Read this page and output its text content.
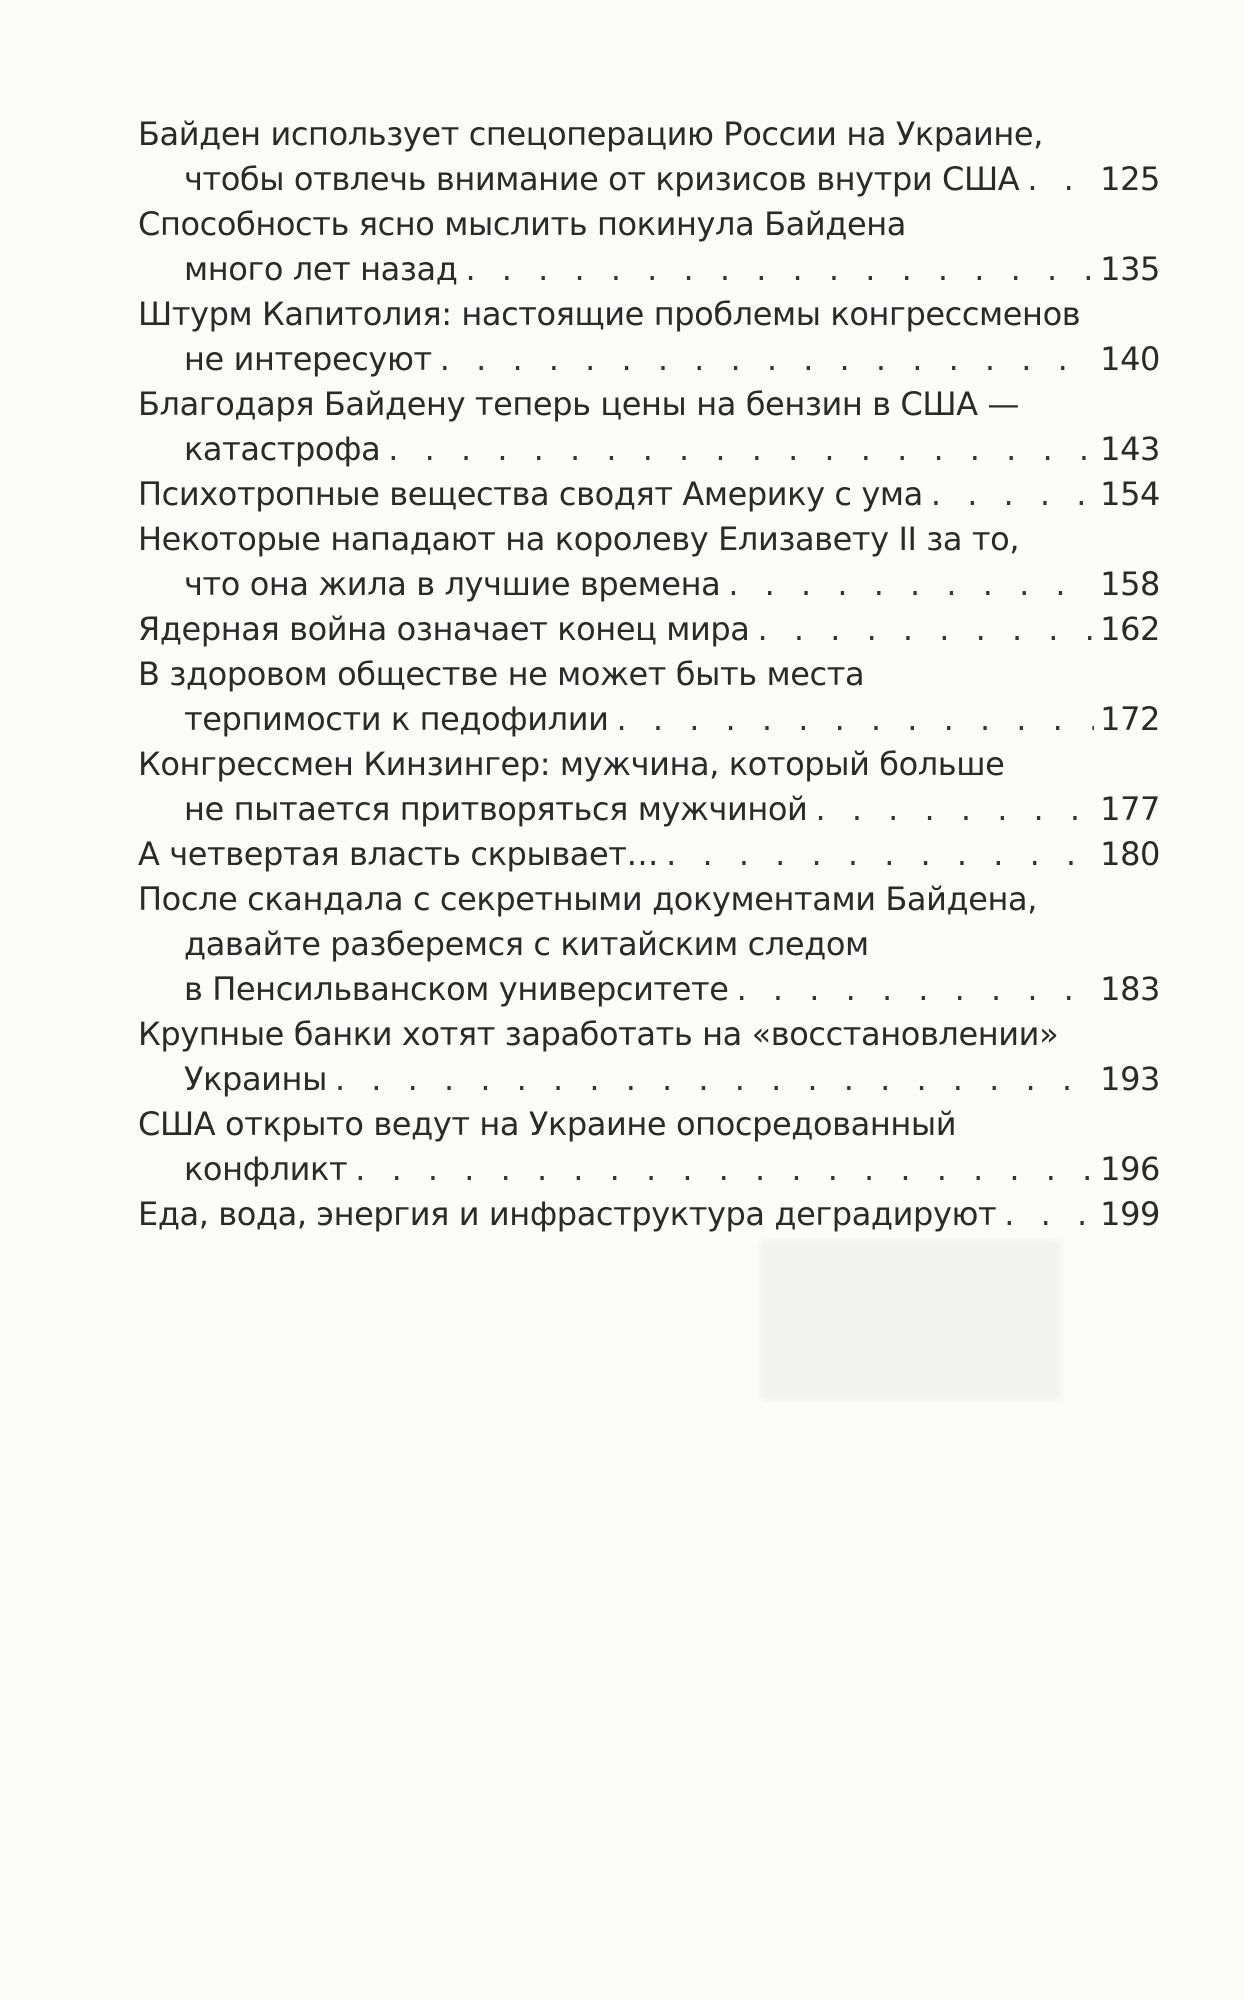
Байден использует спецоперацию России на Украине,
чтобы отвлечь внимание от кризисов внутри США . . .	125
Способность ясно мыслить покинула Байдена
много лет назад . . .	135
Штурм Капитолия: настоящие проблемы конгрессменов
не интересуют . . .	140
Благодаря Байдену теперь цены на бензин в США —
катастрофа . . .	143
Психотропные вещества сводят Америку с ума . . .	154
Некоторые нападают на королеву Елизавету II за то,
что она жила в лучшие времена . . .	158
Ядерная война означает конец мира . . .	162
В здоровом обществе не может быть места
терпимости к педофилии . . .	172
Конгрессмен Кинзингер: мужчина, который больше
не пытается притворяться мужчиной . . .	177
А четвертая власть скрывает… . . .	180
После скандала с секретными документами Байдена,
давайте разберемся с китайским следом
в Пенсильванском университете . . .	183
Крупные банки хотят заработать на «восстановлении»
Украины . . .	193
США открыто ведут на Украине опосредованный
конфликт . . .	196
Еда, вода, энергия и инфраструктура деградируют . . .	199
